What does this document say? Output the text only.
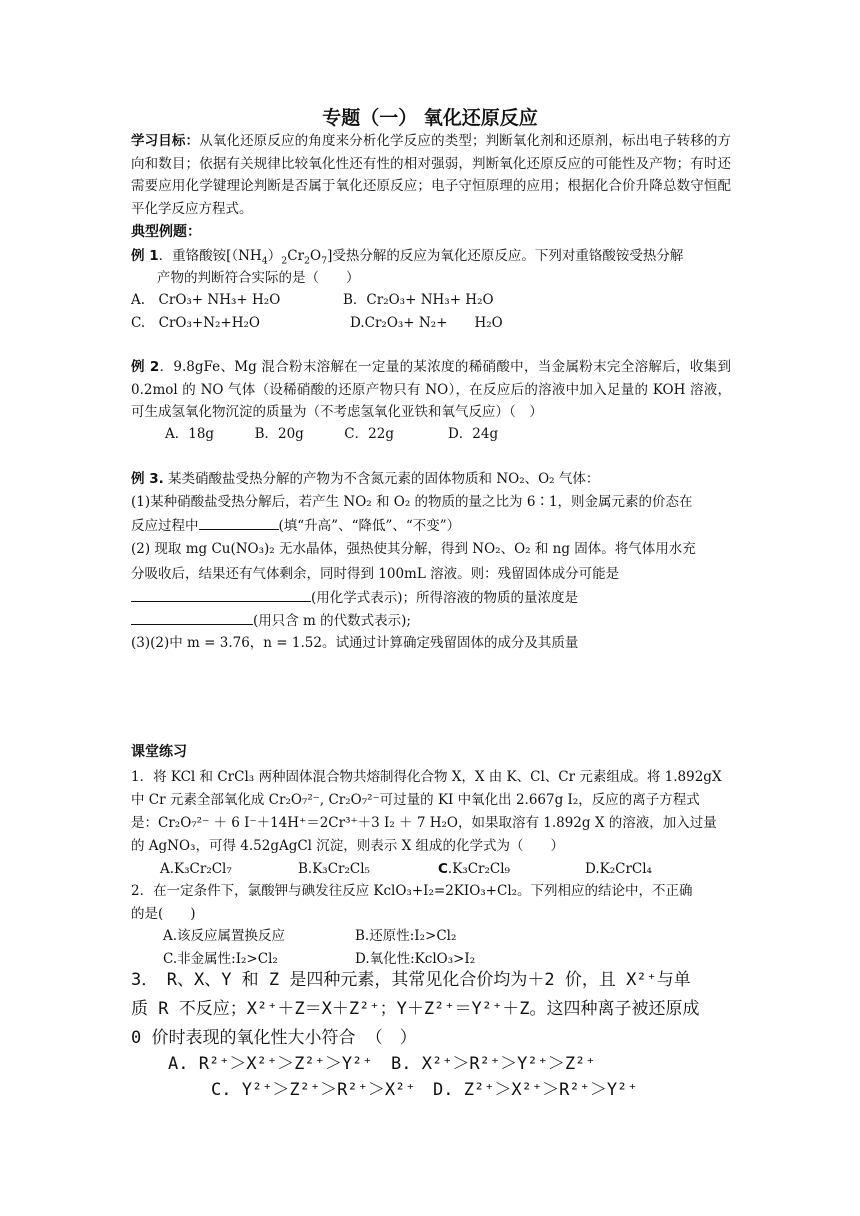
专题（一） 氧化还原反应
学习目标：从氧化还原反应的角度来分析化学反应的类型；判断氧化剂和还原剂，标出电子转移的方向和数目；依据有关规律比较氧化性还有性的相对强弱，判断氧化还原反应的可能性及产物；有时还需要应用化学键理论判断是否属于氧化还原反应；电子守恒原理的应用；根据化合价升降总数守恒配平化学反应方程式。
典型例题：
例 1．重铬酸铵$[(NH_4)_2Cr_2O_7]$受热分解的反应为氧化还原反应。下列对重铬酸铵受热分解
产物的判断符合实际的是（　　）
A.　CrO₃+ NH₃+ H₂O	B．Cr₂O₃+ NH₃+ H₂O
C.　CrO₃+N₂+H₂O	D.Cr₂O₃+ N₂+　　H₂O
例 2．9.8gFe、Mg 混合粉末溶解在一定量的某浓度的稀硝酸中，当金属粉末完全溶解后，收集到 0.2mol 的 NO 气体（设稀硝酸的还原产物只有 NO），在反应后的溶液中加入足量的 KOH 溶液，可生成氢氧化物沉淀的质量为（不考虑氢氧化亚铁和氧气反应）（　）
A．18g　　　B．20g　　　C．22g　　　　D．24g
例 3. 某类硝酸盐受热分解的产物为不含氮元素的固体物质和 NO₂、O₂ 气体：
(1)某种硝酸盐受热分解后，若产生 NO₂ 和 O₂ 的物质的量之比为 6∶1，则金属元素的价态在
反应过程中	(填“升高”、“降低”、“不变”）
(2) 现取 mg Cu(NO₃)₂ 无水晶体，强热使其分解，得到 NO₂、O₂ 和 ng 固体。将气体用水充
分吸收后，结果还有气体剩余，同时得到 100mL 溶液。则：残留固体成分可能是
(用化学式表示)；所得溶液的物质的量浓度是
(用只含 m 的代数式表示);
(3)(2)中 m = 3.76，n = 1.52。试通过计算确定残留固体的成分及其质量
课堂练习
1．将 KCl 和 CrCl₃ 两种固体混合物共熔制得化合物 X，X 由 K、Cl、Cr 元素组成。将 1.892gX
中 Cr 元素全部氧化成 Cr₂O₇²⁻, Cr₂O₇²⁻可过量的 KI 中氧化出 2.667g I₂，反应的离子方程式
是：Cr₂O₇²⁻ ＋ 6 I⁻＋14H⁺＝2Cr³⁺＋3 I₂ ＋ 7 H₂O，如果取溶有 1.892g X 的溶液，加入过量
的 AgNO₃，可得 4.52gAgCl 沉淀，则表示 X 组成的化学式为（　　）
A.K₃Cr₂Cl₇	B.K₃Cr₂Cl₅	C.K₃Cr₂Cl₉	D.K₂CrCl₄
2．在一定条件下，氯酸钾与碘发往反应 KclO₃+I₂=2KIO₃+Cl₂。下列相应的结论中，不正确
的是(　　)
A.该反应属置换反应	B.还原性:I₂>Cl₂
C.非金属性:I₂>Cl₂	D.氧化性:KclO₃>I₂
3．　R、X、Y 和 Z 是四种元素，其常见化合价均为＋2 价，且 X²⁺与单
质 R 不反应；X²⁺＋Z＝X＋Z²⁺；Y＋Z²⁺＝Y²⁺＋Z。这四种离子被还原成
0 价时表现的氧化性大小符合 （　）
A. R²⁺＞X²⁺＞Z²⁺＞Y²⁺ B. X²⁺＞R²⁺＞Y²⁺＞Z²⁺
C. Y²⁺＞Z²⁺＞R²⁺＞X²⁺ D. Z²⁺＞X²⁺＞R²⁺＞Y²⁺
